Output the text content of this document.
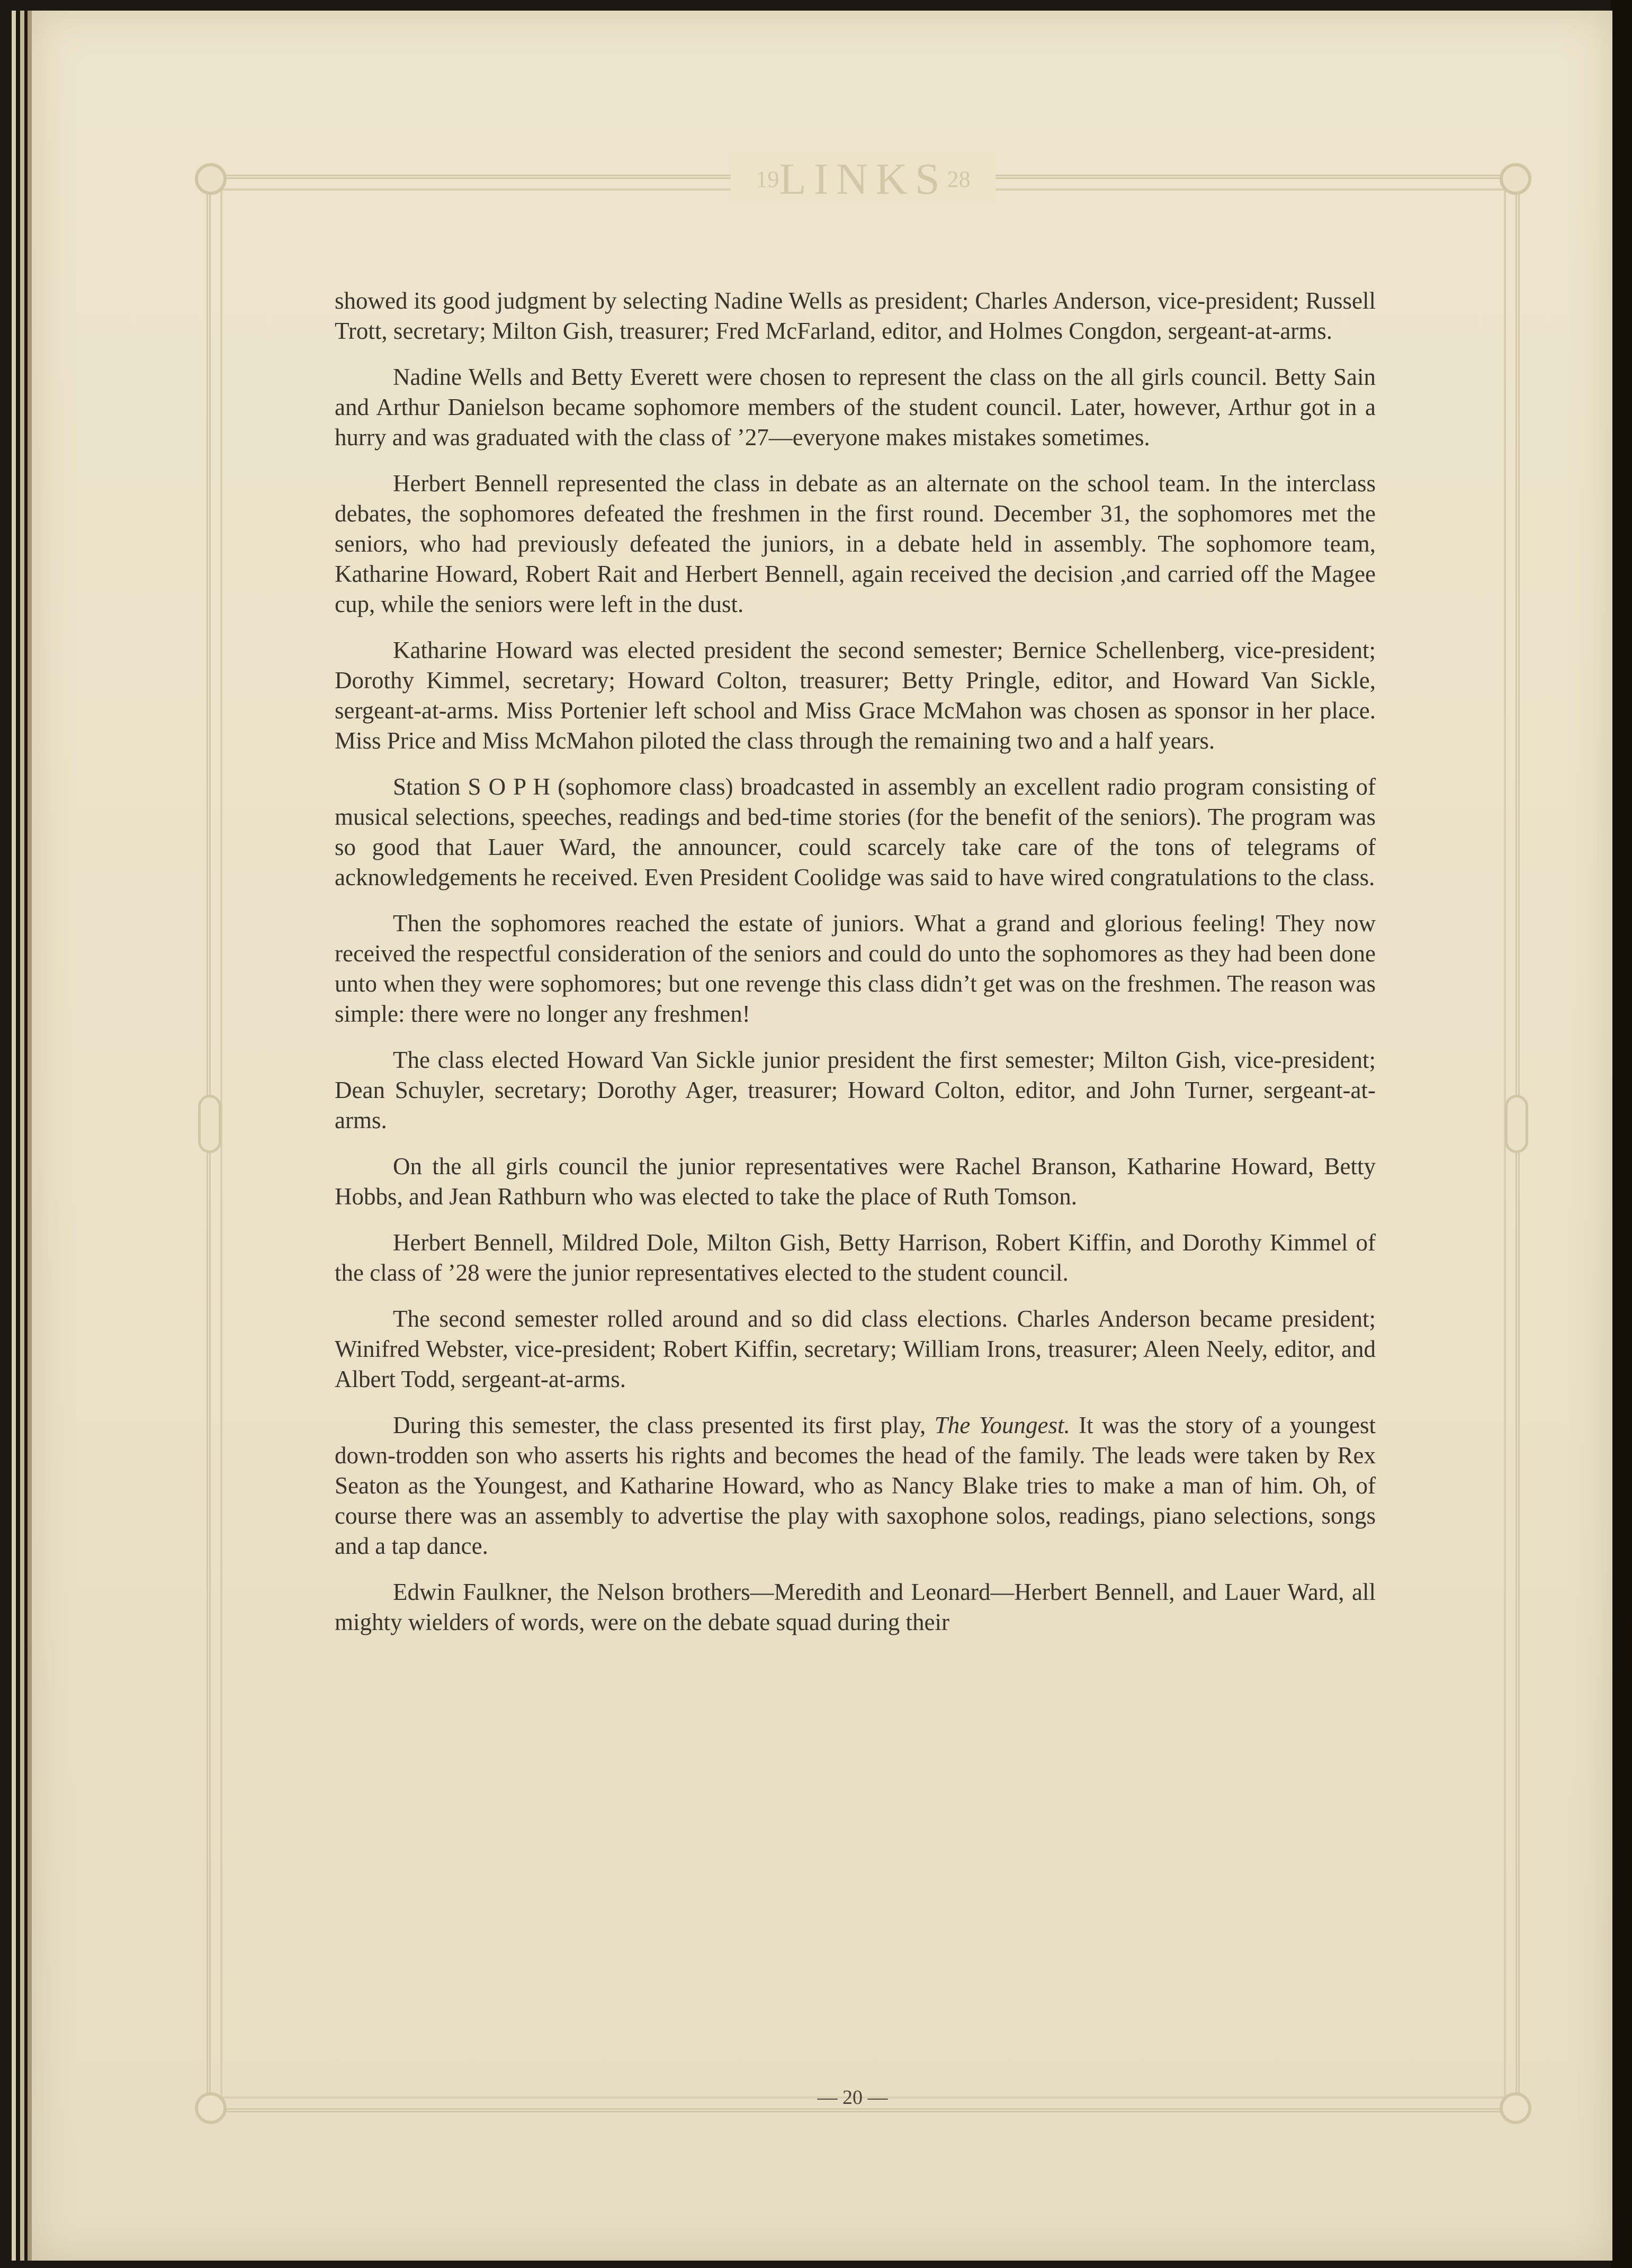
19LINKS28

showed its good judgment by selecting Nadine Wells as president; Charles Anderson, vice-president; Russell Trott, secretary; Milton Gish, treasurer; Fred McFarland, editor, and Holmes Congdon, sergeant-at-arms.

Nadine Wells and Betty Everett were chosen to represent the class on the all girls council. Betty Sain and Arthur Danielson became sophomore members of the student council. Later, however, Arthur got in a hurry and was graduated with the class of ’27—everyone makes mistakes sometimes.

Herbert Bennell represented the class in debate as an alternate on the school team. In the interclass debates, the sophomores defeated the freshmen in the first round. December 31, the sophomores met the seniors, who had previously defeated the juniors, in a debate held in assembly. The sophomore team, Katharine Howard, Robert Rait and Herbert Bennell, again received the decision ,and carried off the Magee cup, while the seniors were left in the dust.

Katharine Howard was elected president the second semester; Bernice Schellenberg, vice-president; Dorothy Kimmel, secretary; Howard Colton, treasurer; Betty Pringle, editor, and Howard Van Sickle, sergeant-at-arms. Miss Portenier left school and Miss Grace McMahon was chosen as sponsor in her place. Miss Price and Miss McMahon piloted the class through the remaining two and a half years.

Station S O P H (sophomore class) broadcasted in assembly an excellent radio program consisting of musical selections, speeches, readings and bed-time stories (for the benefit of the seniors). The program was so good that Lauer Ward, the announcer, could scarcely take care of the tons of telegrams of acknowledgements he received. Even President Coolidge was said to have wired congratulations to the class.

Then the sophomores reached the estate of juniors. What a grand and glorious feeling! They now received the respectful consideration of the seniors and could do unto the sophomores as they had been done unto when they were sophomores; but one revenge this class didn’t get was on the freshmen. The reason was simple: there were no longer any freshmen!

The class elected Howard Van Sickle junior president the first semester; Milton Gish, vice-president; Dean Schuyler, secretary; Dorothy Ager, treasurer; Howard Colton, editor, and John Turner, sergeant-at-arms.

On the all girls council the junior representatives were Rachel Branson, Katharine Howard, Betty Hobbs, and Jean Rathburn who was elected to take the place of Ruth Tomson.

Herbert Bennell, Mildred Dole, Milton Gish, Betty Harrison, Robert Kiffin, and Dorothy Kimmel of the class of ’28 were the junior representatives elected to the student council.

The second semester rolled around and so did class elections. Charles Anderson became president; Winifred Webster, vice-president; Robert Kiffin, secretary; William Irons, treasurer; Aleen Neely, editor, and Albert Todd, sergeant-at-arms.

During this semester, the class presented its first play, The Youngest. It was the story of a youngest down-trodden son who asserts his rights and becomes the head of the family. The leads were taken by Rex Seaton as the Youngest, and Katharine Howard, who as Nancy Blake tries to make a man of him. Oh, of course there was an assembly to advertise the play with saxophone solos, readings, piano selections, songs and a tap dance.

Edwin Faulkner, the Nelson brothers—Meredith and Leonard—Herbert Bennell, and Lauer Ward, all mighty wielders of words, were on the debate squad during their

— 20 —
